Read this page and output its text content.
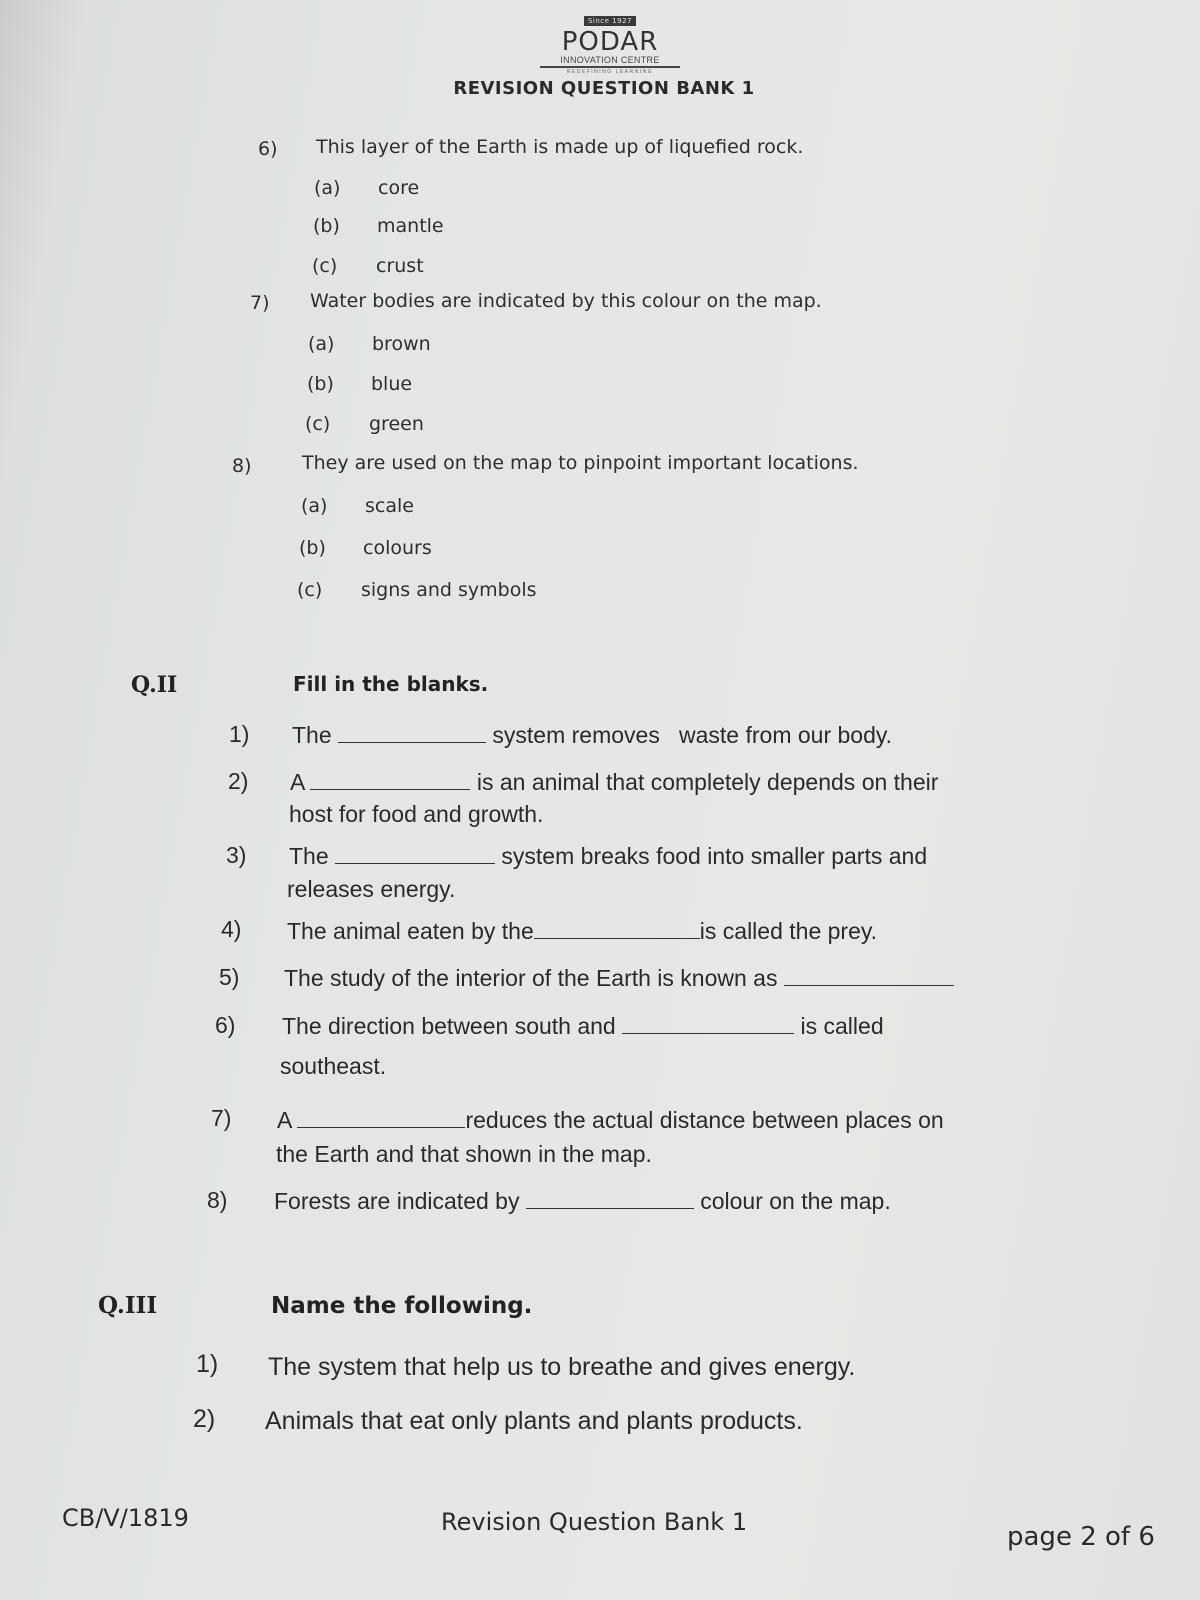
Since 1927
PODAR
INNOVATION CENTRE
REDEFINING LEARNING
REVISION QUESTION BANK 1
6) This layer of the Earth is made up of liquefied rock.
(a) core
(b) mantle
(c) crust
7) Water bodies are indicated by this colour on the map.
(a) brown
(b) blue
(c) green
8)	They are used on the map to pinpoint important locations.
(a) scale
(b) colours
(c) signs and symbols
Q.II	Fill in the blanks.
1) The	system removes   waste from our body.
2) A	is an animal that completely depends on their
host for food and growth.
3) The	system breaks food into smaller parts and
releases energy.
4) The animal eaten by the	is called the prey.
5) The study of the interior of the Earth is known as
6) The direction between south and	is called
southeast.
7) A	reduces the actual distance between places on
the Earth and that shown in the map.
8) Forests are indicated by	colour on the map.
Q.III	Name the following.
1) The system that help us to breathe and gives energy.
2) Animals that eat only plants and plants products.
CB/V/1819	Revision Question Bank 1	page 2 of 6
